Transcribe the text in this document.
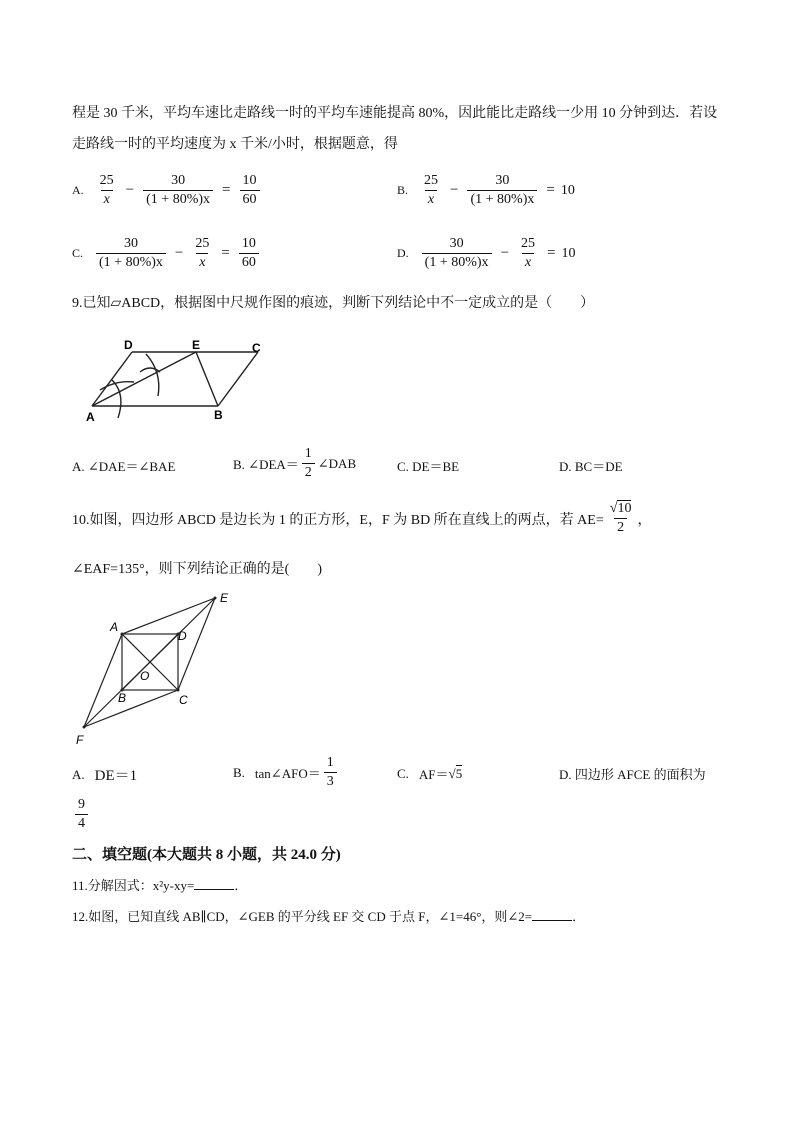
程是 30 千米，平均车速比走路线一时的平均车速能提高 80%，因此能比走路线一少用 10 分钟到达．若设
走路线一时的平均速度为 x 千米/小时，根据题意，得
A. $\frac{25}{x} - \frac{30}{(1 + 80\%)x} = \frac{10}{60}$	B. $\frac{25}{x} - \frac{30}{(1 + 80\%)x} = 10$
C. $\frac{30}{(1 + 80\%)x} - \frac{25}{x} = \frac{10}{60}$	D. $\frac{30}{(1 + 80\%)x} - \frac{25}{x} = 10$
9.已知▱ABCD，根据图中尺规作图的痕迹，判断下列结论中不一定成立的是（　　）
D	E	C
A	B
A. ∠DAE＝∠BAE	B. ∠DEA＝ $\frac{1}{2}$ ∠DAB	C. DE＝BE	D. BC＝DE
10.如图，四边形 ABCD 是边长为 1 的正方形，E，F 为 BD 所在直线上的两点，若 $AE= \frac{√10}{2}$ ，
∠EAF=135°，则下列结论正确的是(　　)
A
D
E
O
B	C
F
A. DE＝1	B. tan∠AFO＝ $\frac{1}{3}$	C. AF＝ √ 5	D. 四边形 AFCE 的面积为
$\frac{9}{4}$
二、填空题(本大题共 8 小题，共 24.0 分)
11.分解因式：x²y-xy=	．
12.如图，已知直线 AB∥CD，∠GEB 的平分线 EF 交 CD 于点 F，∠1=46°，则∠2=	．
